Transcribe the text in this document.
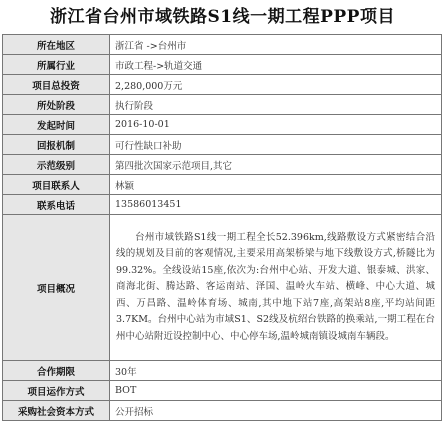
浙江省台州市域铁路S1线一期工程PPP项目
所在地区	浙江省 ->台州市
所属行业	市政工程->轨道交通
项目总投资	2,280,000万元
所处阶段	执行阶段
发起时间	2016-10-01
回报机制	可行性缺口补助
示范级别	第四批次国家示范项目,其它
项目联系人	林颖
联系电话	13586013451
项目概况	台州市域铁路S1线一期工程全长52.396km,线路敷设方式紧密结合沿线的规划及目前的客观情况,主要采用高架桥梁与地下线敷设方式,桥隧比为99.32%。全线设站15座,依次为:台州中心站、开发大道、银泰城、洪家、商海北街、腾达路、客运南站、泽国、温岭火车站、横峰、中心大道、城西、万昌路、温岭体育场、城南,其中地下站7座,高架站8座,平均站间距3.7KM。台州中心站为市域S1、S2线及杭绍台铁路的换乘站,一期工程在台州中心站附近设控制中心、中心停车场,温岭城南镇设城南车辆段。
合作期限	30年
项目运作方式	BOT
采购社会资本方式	公开招标
